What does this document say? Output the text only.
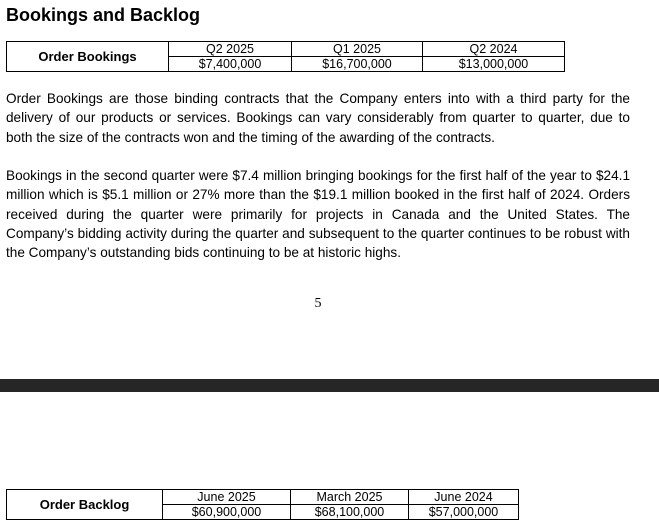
Bookings and Backlog
Order Bookings	Q2 2025	Q1 2025	Q2 2024
	$7,400,000	$16,700,000	$13,000,000

Order Bookings are those binding contracts that the Company enters into with a third party for the delivery of our products or services. Bookings can vary considerably from quarter to quarter, due to both the size of the contracts won and the timing of the awarding of the contracts.

Bookings in the second quarter were $7.4 million bringing bookings for the first half of the year to $24.1 million which is $5.1 million or 27% more than the $19.1 million booked in the first half of 2024. Orders received during the quarter were primarily for projects in Canada and the United States. The Company’s bidding activity during the quarter and subsequent to the quarter continues to be robust with the Company’s outstanding bids continuing to be at historic highs.

5
Order Backlog	June 2025	March 2025	June 2024
	$60,900,000	$68,100,000	$57,000,000
